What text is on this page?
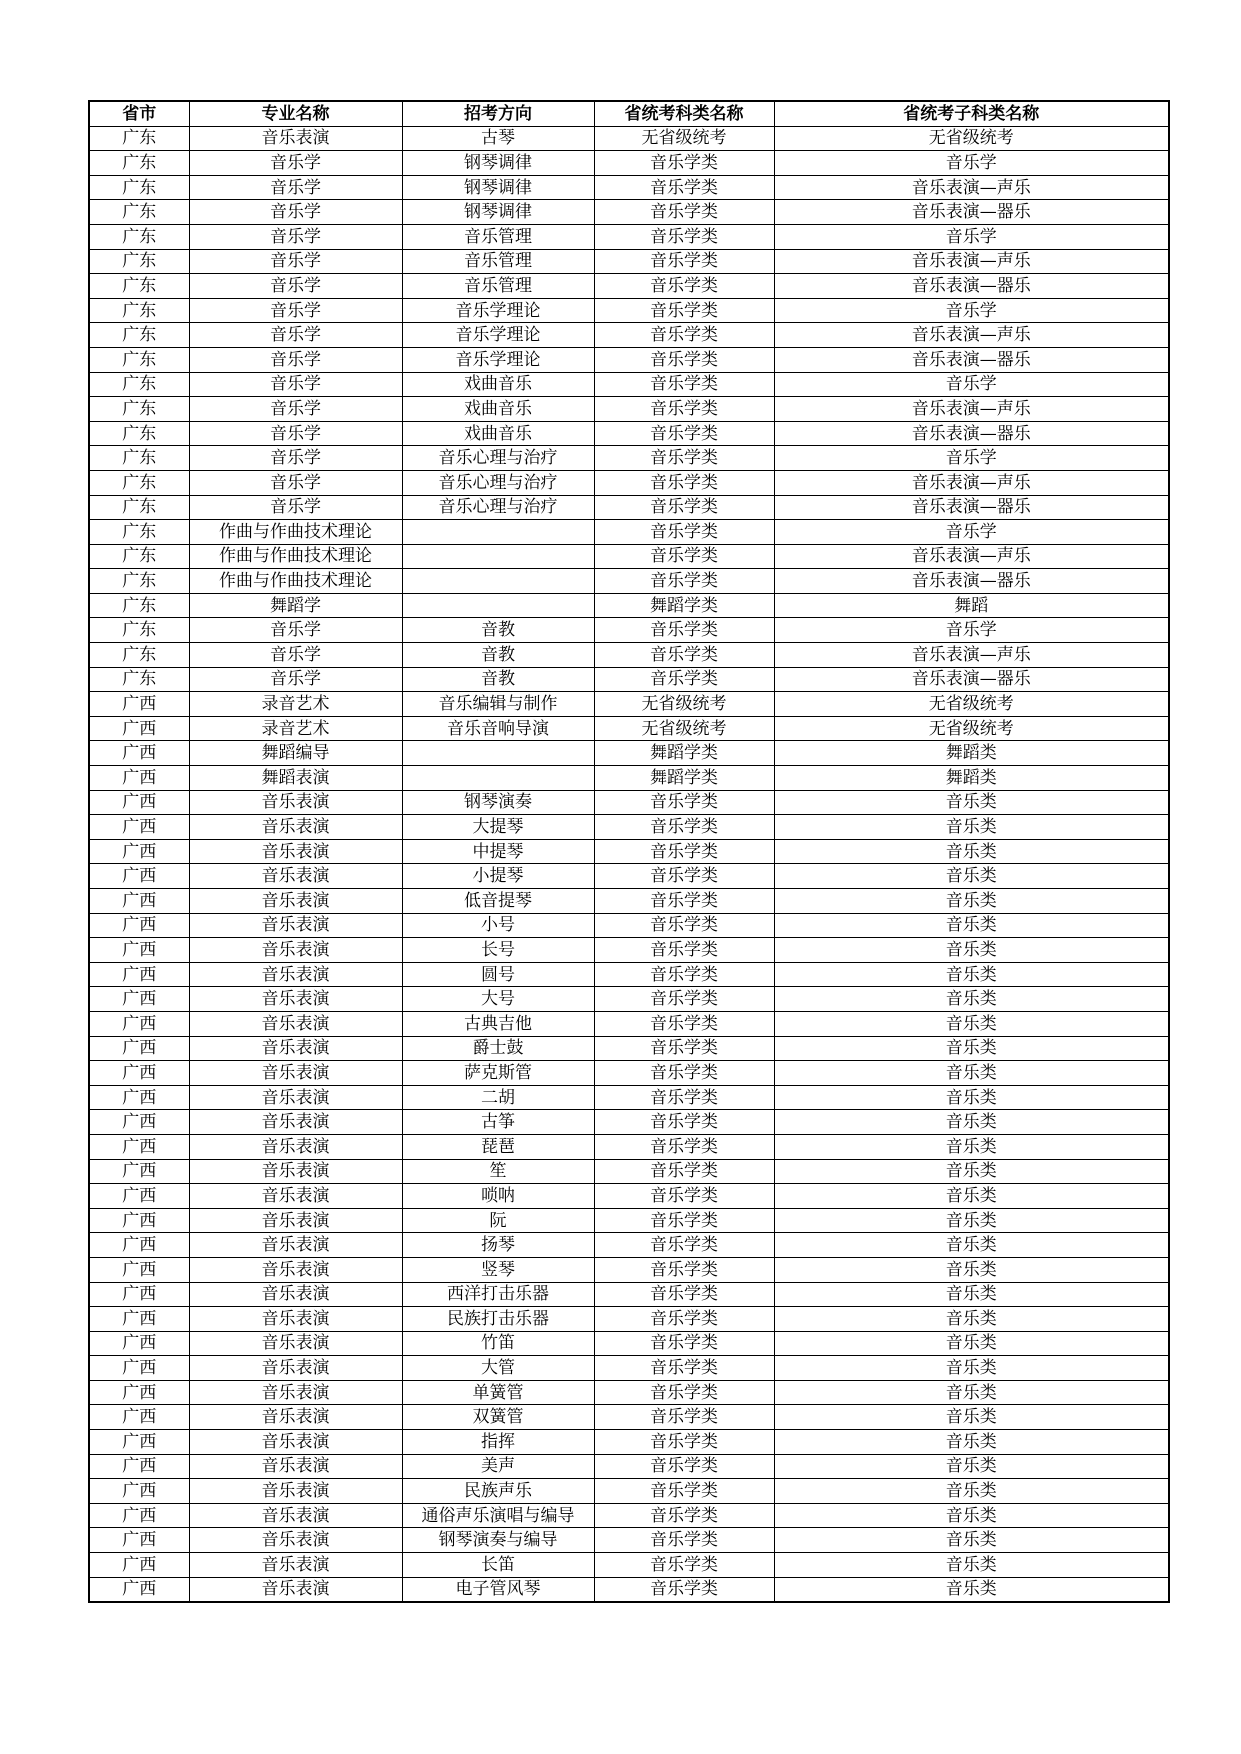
省市	专业名称	招考方向	省统考科类名称	省统考子科类名称
广东	音乐表演	古琴	无省级统考	无省级统考
广东	音乐学	钢琴调律	音乐学类	音乐学
广东	音乐学	钢琴调律	音乐学类	音乐表演—声乐
广东	音乐学	钢琴调律	音乐学类	音乐表演—器乐
广东	音乐学	音乐管理	音乐学类	音乐学
广东	音乐学	音乐管理	音乐学类	音乐表演—声乐
广东	音乐学	音乐管理	音乐学类	音乐表演—器乐
广东	音乐学	音乐学理论	音乐学类	音乐学
广东	音乐学	音乐学理论	音乐学类	音乐表演—声乐
广东	音乐学	音乐学理论	音乐学类	音乐表演—器乐
广东	音乐学	戏曲音乐	音乐学类	音乐学
广东	音乐学	戏曲音乐	音乐学类	音乐表演—声乐
广东	音乐学	戏曲音乐	音乐学类	音乐表演—器乐
广东	音乐学	音乐心理与治疗	音乐学类	音乐学
广东	音乐学	音乐心理与治疗	音乐学类	音乐表演—声乐
广东	音乐学	音乐心理与治疗	音乐学类	音乐表演—器乐
广东	作曲与作曲技术理论		音乐学类	音乐学
广东	作曲与作曲技术理论		音乐学类	音乐表演—声乐
广东	作曲与作曲技术理论		音乐学类	音乐表演—器乐
广东	舞蹈学		舞蹈学类	舞蹈
广东	音乐学	音教	音乐学类	音乐学
广东	音乐学	音教	音乐学类	音乐表演—声乐
广东	音乐学	音教	音乐学类	音乐表演—器乐
广西	录音艺术	音乐编辑与制作	无省级统考	无省级统考
广西	录音艺术	音乐音响导演	无省级统考	无省级统考
广西	舞蹈编导		舞蹈学类	舞蹈类
广西	舞蹈表演		舞蹈学类	舞蹈类
广西	音乐表演	钢琴演奏	音乐学类	音乐类
广西	音乐表演	大提琴	音乐学类	音乐类
广西	音乐表演	中提琴	音乐学类	音乐类
广西	音乐表演	小提琴	音乐学类	音乐类
广西	音乐表演	低音提琴	音乐学类	音乐类
广西	音乐表演	小号	音乐学类	音乐类
广西	音乐表演	长号	音乐学类	音乐类
广西	音乐表演	圆号	音乐学类	音乐类
广西	音乐表演	大号	音乐学类	音乐类
广西	音乐表演	古典吉他	音乐学类	音乐类
广西	音乐表演	爵士鼓	音乐学类	音乐类
广西	音乐表演	萨克斯管	音乐学类	音乐类
广西	音乐表演	二胡	音乐学类	音乐类
广西	音乐表演	古筝	音乐学类	音乐类
广西	音乐表演	琵琶	音乐学类	音乐类
广西	音乐表演	笙	音乐学类	音乐类
广西	音乐表演	唢呐	音乐学类	音乐类
广西	音乐表演	阮	音乐学类	音乐类
广西	音乐表演	扬琴	音乐学类	音乐类
广西	音乐表演	竖琴	音乐学类	音乐类
广西	音乐表演	西洋打击乐器	音乐学类	音乐类
广西	音乐表演	民族打击乐器	音乐学类	音乐类
广西	音乐表演	竹笛	音乐学类	音乐类
广西	音乐表演	大管	音乐学类	音乐类
广西	音乐表演	单簧管	音乐学类	音乐类
广西	音乐表演	双簧管	音乐学类	音乐类
广西	音乐表演	指挥	音乐学类	音乐类
广西	音乐表演	美声	音乐学类	音乐类
广西	音乐表演	民族声乐	音乐学类	音乐类
广西	音乐表演	通俗声乐演唱与编导	音乐学类	音乐类
广西	音乐表演	钢琴演奏与编导	音乐学类	音乐类
广西	音乐表演	长笛	音乐学类	音乐类
广西	音乐表演	电子管风琴	音乐学类	音乐类
